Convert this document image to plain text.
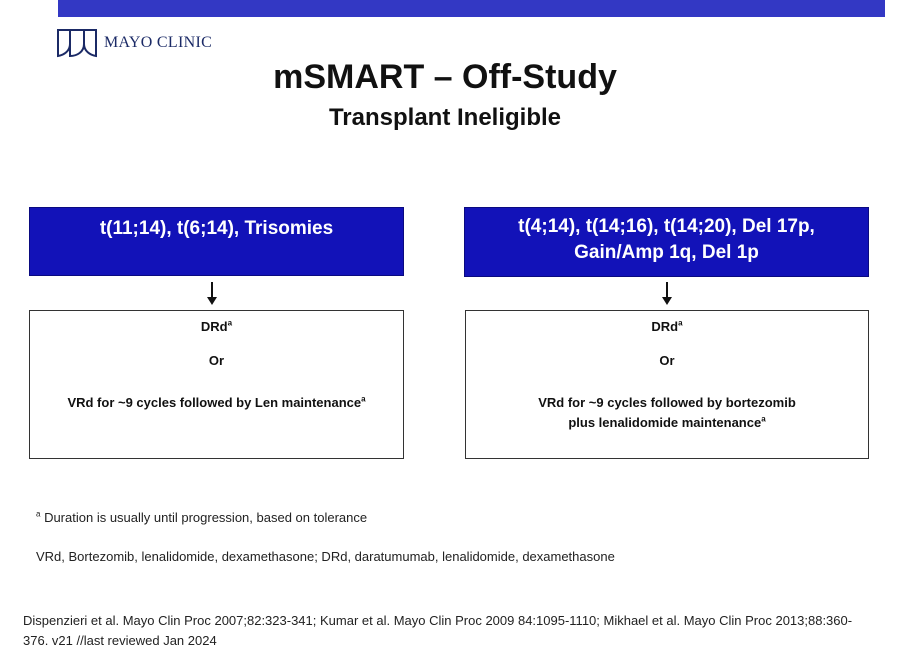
MAYO CLINIC
mSMART – Off-Study
Transplant Ineligible
t(11;14), t(6;14), Trisomies
DRd$^a$
Or
VRd for ~9 cycles followed by Len maintenance$^a$
t(4;14), t(14;16), t(14;20), Del 17p,
Gain/Amp 1q, Del 1p
DRd$^a$
Or
VRd for ~9 cycles followed by bortezomib plus lenalidomide maintenance$^a$
$^a$ Duration is usually until progression, based on tolerance
VRd, Bortezomib, lenalidomide, dexamethasone; DRd, daratumumab, lenalidomide, dexamethasone
Dispenzieri et al. Mayo Clin Proc 2007;82:323-341; Kumar et al. Mayo Clin Proc 2009 84:1095-1110; Mikhael et al. Mayo Clin Proc 2013;88:360-376. v21 //last reviewed Jan 2024
